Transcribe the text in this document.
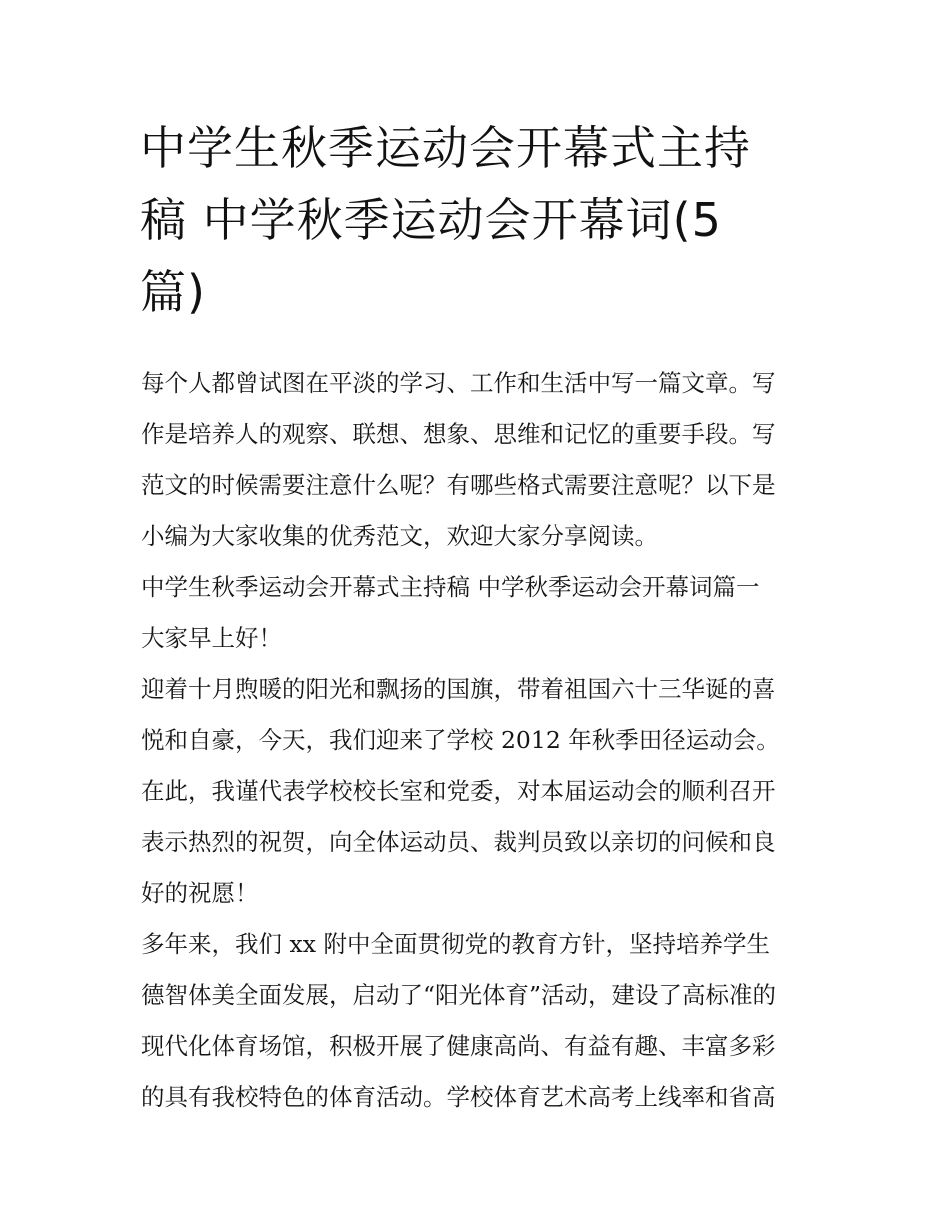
中学生秋季运动会开幕式主持
稿 中学秋季运动会开幕词(5
篇)
每个人都曾试图在平淡的学习、工作和生活中写一篇文章。写
作是培养人的观察、联想、想象、思维和记忆的重要手段。写
范文的时候需要注意什么呢？有哪些格式需要注意呢？以下是
小编为大家收集的优秀范文，欢迎大家分享阅读。
中学生秋季运动会开幕式主持稿 中学秋季运动会开幕词篇一
大家早上好！
迎着十月煦暖的阳光和飘扬的国旗，带着祖国六十三华诞的喜
悦和自豪，今天，我们迎来了学校 2012 年秋季田径运动会。
在此，我谨代表学校校长室和党委，对本届运动会的顺利召开
表示热烈的祝贺，向全体运动员、裁判员致以亲切的问候和良
好的祝愿！
多年来，我们 xx 附中全面贯彻党的教育方针，坚持培养学生
德智体美全面发展，启动了“阳光体育”活动，建设了高标准的
现代化体育场馆，积极开展了健康高尚、有益有趣、丰富多彩
的具有我校特色的体育活动。学校体育艺术高考上线率和省高
